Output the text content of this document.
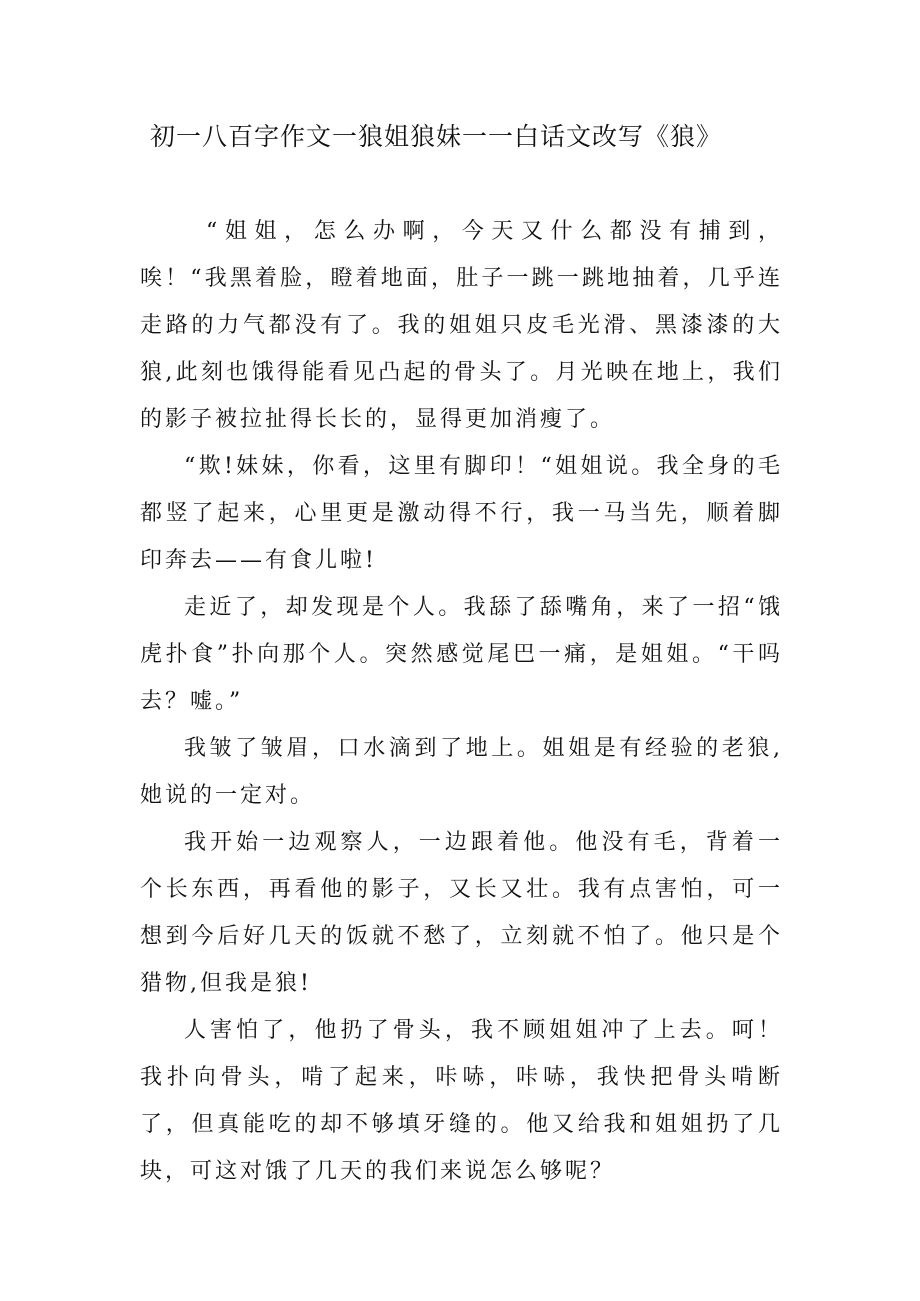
初一八百字作文一狼姐狼妹一一白话文改写《狼》

“姐姐，怎么办啊，今天又什么都没有捕到，唉！“我黑着脸，瞪着地面，肚子一跳一跳地抽着，几乎连走路的力气都没有了。我的姐姐只皮毛光滑、黑漆漆的大狼,此刻也饿得能看见凸起的骨头了。月光映在地上，我们的影子被拉扯得长长的，显得更加消瘦了。

“欺!妹妹，你看，这里有脚印！“姐姐说。我全身的毛都竖了起来，心里更是激动得不行，我一马当先，顺着脚印奔去——有食儿啦!

走近了，却发现是个人。我舔了舔嘴角，来了一招“饿虎扑食”扑向那个人。突然感觉尾巴一痛，是姐姐。“干吗去？嘘。”

我皱了皱眉，口水滴到了地上。姐姐是有经验的老狼,她说的一定对。

我开始一边观察人，一边跟着他。他没有毛，背着一个长东西，再看他的影子，又长又壮。我有点害怕，可一想到今后好几天的饭就不愁了，立刻就不怕了。他只是个猎物,但我是狼!

人害怕了，他扔了骨头，我不顾姐姐冲了上去。呵！我扑向骨头，啃了起来，咔哧，咔哧，我快把骨头啃断了，但真能吃的却不够填牙缝的。他又给我和姐姐扔了几块，可这对饿了几天的我们来说怎么够呢？
